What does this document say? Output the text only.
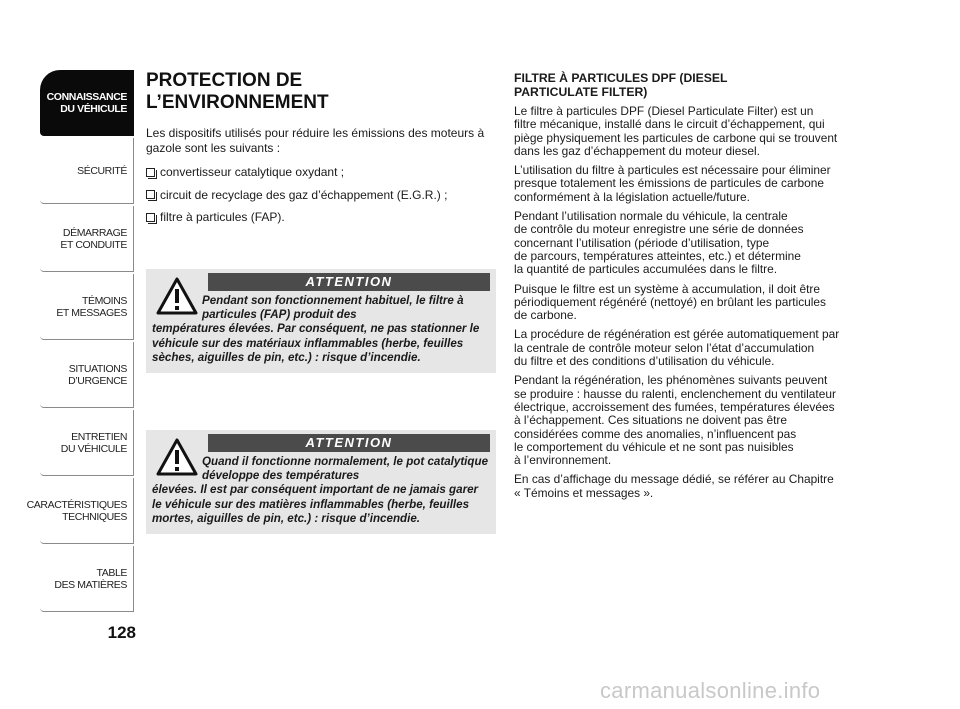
CONNAISSANCE
DU VÉHICULE
SÉCURITÉ
DÉMARRAGE
ET CONDUITE
TÉMOINS
ET MESSAGES
SITUATIONS
D’URGENCE
ENTRETIEN
DU VÉHICULE
CARACTÉRISTIQUES
TECHNIQUES
TABLE
DES MATIÈRES
128
PROTECTION DE
L’ENVIRONNEMENT

Les dispositifs utilisés pour réduire les émissions des moteurs à gazole sont les suivants :

convertisseur catalytique oxydant ;
circuit de recyclage des gaz d’échappement (E.G.R.) ;
filtre à particules (FAP).
ATTENTION

Pendant son fonctionnement habituel, le filtre à particules (FAP) produit des
températures élevées. Par conséquent, ne pas stationner le véhicule sur des matériaux inflammables (herbe, feuilles sèches, aiguilles de pin, etc.) : risque d’incendie.

ATTENTION

Quand il fonctionne normalement, le pot catalytique développe des températures
élevées. Il est par conséquent important de ne jamais garer le véhicule sur des matières inflammables (herbe, feuilles mortes, aiguilles de pin, etc.) : risque d’incendie.

FILTRE À PARTICULES DPF (DIESEL
PARTICULATE FILTER)

Le filtre à particules DPF (Diesel Particulate Filter) est un
filtre mécanique, installé dans le circuit d’échappement, qui
piège physiquement les particules de carbone qui se trouvent
dans les gaz d’échappement du moteur diesel.

L’utilisation du filtre à particules est nécessaire pour éliminer
presque totalement les émissions de particules de carbone
conformément à la législation actuelle/future.

Pendant l’utilisation normale du véhicule, la centrale
de contrôle du moteur enregistre une série de données
concernant l’utilisation (période d’utilisation, type
de parcours, températures atteintes, etc.) et détermine
la quantité de particules accumulées dans le filtre.

Puisque le filtre est un système à accumulation, il doit être
périodiquement régénéré (nettoyé) en brûlant les particules
de carbone.

La procédure de régénération est gérée automatiquement par
la centrale de contrôle moteur selon l’état d’accumulation
du filtre et des conditions d’utilisation du véhicule.

Pendant la régénération, les phénomènes suivants peuvent
se produire : hausse du ralenti, enclenchement du ventilateur
électrique, accroissement des fumées, températures élevées
à l’échappement. Ces situations ne doivent pas être
considérées comme des anomalies, n’influencent pas
le comportement du véhicule et ne sont pas nuisibles
à l’environnement.

En cas d’affichage du message dédié, se référer au Chapitre
« Témoins et messages ».

carmanualsonline.info
